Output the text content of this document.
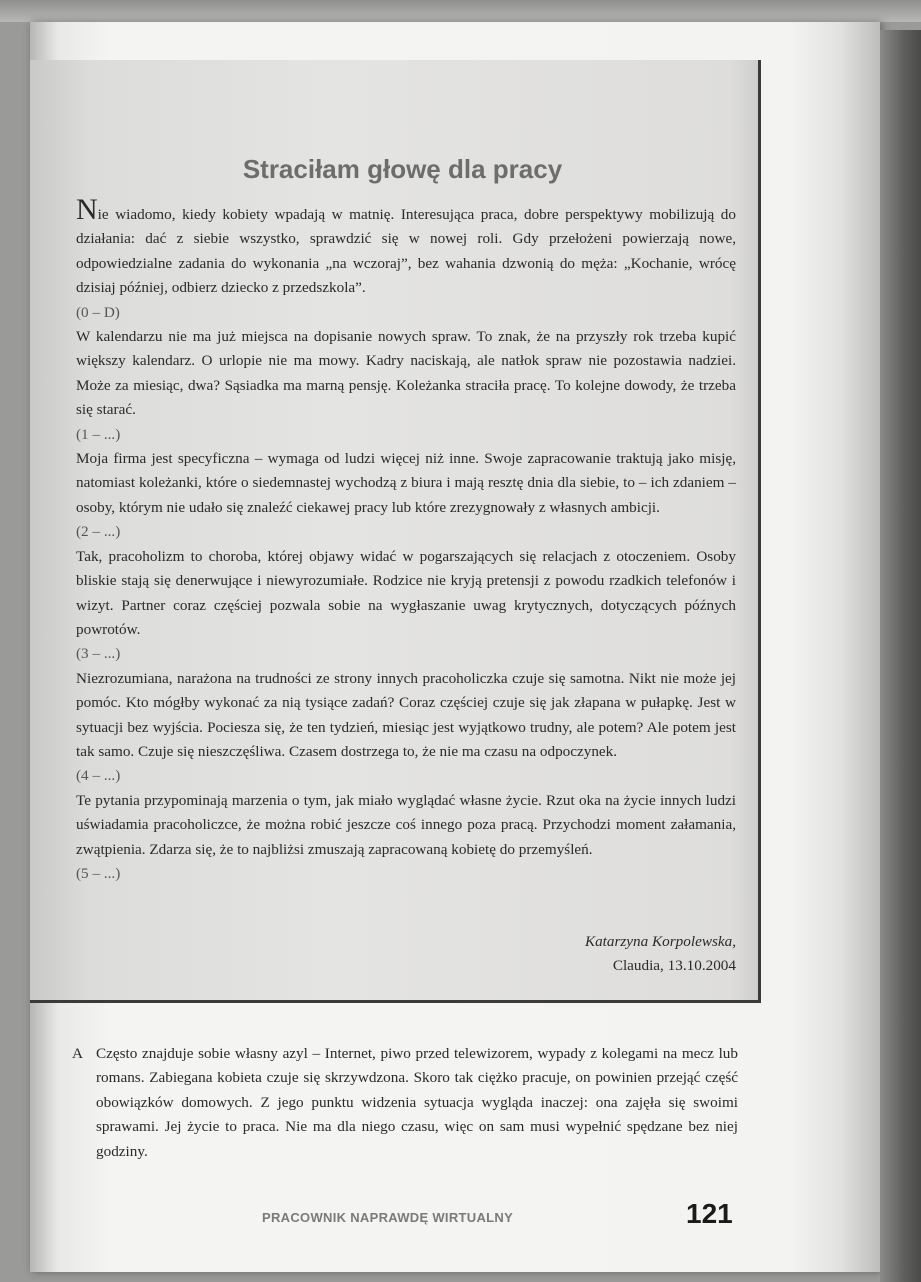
Straciłam głowę dla pracy

Nie wiadomo, kiedy kobiety wpadają w matnię. Interesująca praca, dobre perspektywy mobilizują do działania: dać z siebie wszystko, sprawdzić się w nowej roli. Gdy przełożeni powierzają nowe, odpowiedzialne zadania do wykonania „na wczoraj”, bez wahania dzwonią do męża: „Kochanie, wrócę dzisiaj później, odbierz dziecko z przedszkola”.

(0 – D)

W kalendarzu nie ma już miejsca na dopisanie nowych spraw. To znak, że na przyszły rok trzeba kupić większy kalendarz. O urlopie nie ma mowy. Kadry naciskają, ale natłok spraw nie pozostawia nadziei. Może za miesiąc, dwa? Sąsiadka ma marną pensję. Koleżanka straciła pracę. To kolejne dowody, że trzeba się starać.

(1 – ...)

Moja firma jest specyficzna – wymaga od ludzi więcej niż inne. Swoje zapracowanie traktują jako misję, natomiast koleżanki, które o siedemnastej wychodzą z biura i mają resztę dnia dla siebie, to – ich zdaniem – osoby, którym nie udało się znaleźć ciekawej pracy lub które zrezygnowały z własnych ambicji.

(2 – ...)

Tak, pracoholizm to choroba, której objawy widać w pogarszających się relacjach z otoczeniem. Osoby bliskie stają się denerwujące i niewyrozumiałe. Rodzice nie kryją pretensji z powodu rzadkich telefonów i wizyt. Partner coraz częściej pozwala sobie na wygłaszanie uwag krytycznych, dotyczących późnych powrotów.

(3 – ...)

Niezrozumiana, narażona na trudności ze strony innych pracoholiczka czuje się samotna. Nikt nie może jej pomóc. Kto mógłby wykonać za nią tysiące zadań? Coraz częściej czuje się jak złapana w pułapkę. Jest w sytuacji bez wyjścia. Pociesza się, że ten tydzień, miesiąc jest wyjątkowo trudny, ale potem? Ale potem jest tak samo. Czuje się nieszczęśliwa. Czasem dostrzega to, że nie ma czasu na odpoczynek.

(4 – ...)

Te pytania przypominają marzenia o tym, jak miało wyglądać własne życie. Rzut oka na życie innych ludzi uświadamia pracoholiczce, że można robić jeszcze coś innego poza pracą. Przychodzi moment załamania, zwątpienia. Zdarza się, że to najbliżsi zmuszają zapracowaną kobietę do przemyśleń.

(5 – ...)

Katarzyna Korpolewska,
Claudia, 13.10.2004
A Często znajduje sobie własny azyl – Internet, piwo przed telewizorem, wypady z kolegami na mecz lub romans. Zabiegana kobieta czuje się skrzywdzona. Skoro tak ciężko pracuje, on powinien przejąć część obowiązków domowych. Z jego punktu widzenia sytuacja wygląda inaczej: ona zajęła się swoimi sprawami. Jej życie to praca. Nie ma dla niego czasu, więc on sam musi wypełnić spędzane bez niej godziny.
PRACOWNIK NAPRAWDĘ WIRTUALNY	121
